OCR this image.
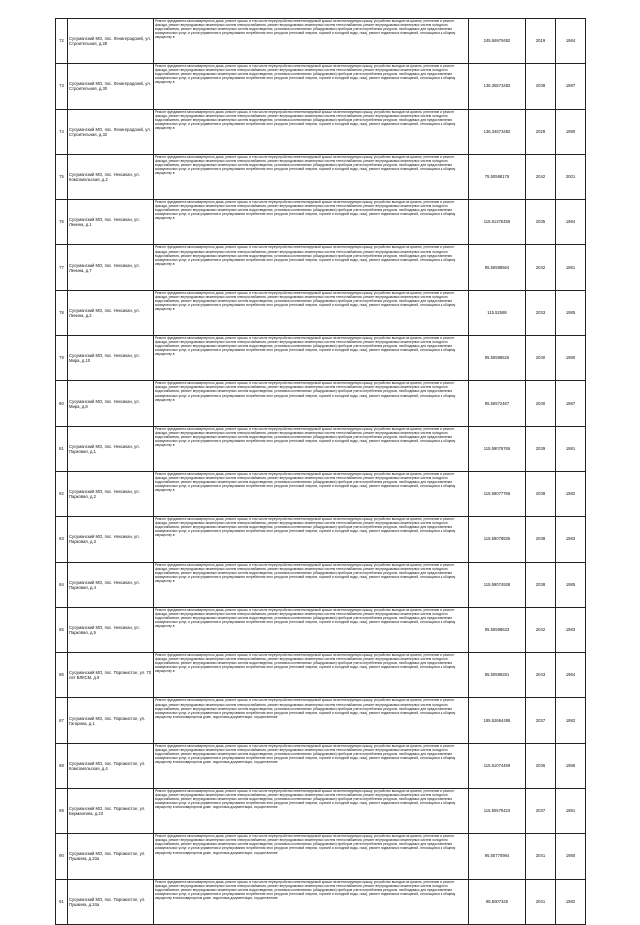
72	Сусуманский МО, пос. Ленинградский, ул. Строительная, д.28	Ремонт фундамента многоквартирного дома, ремонт крыши, в том числе переустройство невентилируемой крыши на вентилируемую крышу, устройство выходов на кровлю, утепление и ремонт фасада, ремонт внутридомовых инженерных систем электроснабжения, ремонт внутридомовых инженерных систем теплоснабжения, ремонт внутридомовых инженерных систем холодного водоснабжения, ремонт внутридомовых инженерных систем водоотведения, установка коллективных (общедомовых) приборов учета потребления ресурсов, необходимых для предоставления коммунальных услуг, и узлов управления и регулирования потребления этих ресурсов (тепловой энергии, горячей и холодной воды, газа), ремонт подвальных помещений, относящихся к общему имуществу в	245.56979482	2019	1984
73	Сусуманский МО, пос. Ленинградский, ул. Строительная, д.30	Ремонт фундамента многоквартирного дома, ремонт крыши, в том числе переустройство невентилируемой крыши на вентилируемую крышу, устройство выходов на кровлю, утепление и ремонт фасада, ремонт внутридомовых инженерных систем электроснабжения, ремонт внутридомовых инженерных систем теплоснабжения, ремонт внутридомовых инженерных систем холодного водоснабжения, ремонт внутридомовых инженерных систем водоотведения, установка коллективных (общедомовых) приборов учета потребления ресурсов, необходимых для предоставления коммунальных услуг, и узлов управления и регулирования потребления этих ресурсов (тепловой энергии, горячей и холодной воды, газа), ремонт подвальных помещений, относящихся к общему имуществу в	136.35573482	2038	1987
74	Сусуманский МО, пос. Ленинградский, ул. Строительная, д.32	Ремонт фундамента многоквартирного дома, ремонт крыши, в том числе переустройство невентилируемой крыши на вентилируемую крышу, устройство выходов на кровлю, утепление и ремонт фасада, ремонт внутридомовых инженерных систем электроснабжения, ремонт внутридомовых инженерных систем теплоснабжения, ремонт внутридомовых инженерных систем холодного водоснабжения, ремонт внутридомовых инженерных систем водоотведения, установка коллективных (общедомовых) приборов учета потребления ресурсов, необходимых для предоставления коммунальных услуг, и узлов управления и регулирования потребления этих ресурсов (тепловой энергии, горячей и холодной воды, газа), ремонт подвальных помещений, относящихся к общему имуществу в	136.34673482	2029	1990
75	Сусуманский МО, пос. Нексикан, ул. Комсомольская, д.2	Ремонт фундамента многоквартирного дома, ремонт крыши, в том числе переустройство невентилируемой крыши на вентилируемую крышу, устройство выходов на кровлю, утепление и ремонт фасада, ремонт внутридомовых инженерных систем электроснабжения, ремонт внутридомовых инженерных систем теплоснабжения, ремонт внутридомовых инженерных систем холодного водоснабжения, ремонт внутридомовых инженерных систем водоотведения, установка коллективных (общедомовых) приборов учета потребления ресурсов, необходимых для предоставления коммунальных услуг, и узлов управления и регулирования потребления этих ресурсов (тепловой энергии, горячей и холодной воды, газа), ремонт подвальных помещений, относящихся к общему имуществу в	75.50598178	2042	2001
76	Сусуманский МО, пос. Нексикан, ул. Ленина, д.1	Ремонт фундамента многоквартирного дома, ремонт крыши, в том числе переустройство невентилируемой крыши на вентилируемую крышу, устройство выходов на кровлю, утепление и ремонт фасада, ремонт внутридомовых инженерных систем электроснабжения, ремонт внутридомовых инженерных систем теплоснабжения, ремонт внутридомовых инженерных систем холодного водоснабжения, ремонт внутридомовых инженерных систем водоотведения, установка коллективных (общедомовых) приборов учета потребления ресурсов, необходимых для предоставления коммунальных услуг, и узлов управления и регулирования потребления этих ресурсов (тепловой энергии, горячей и холодной воды, газа), ремонт подвальных помещений, относящихся к общему имуществу в	115.61375455	2035	1984
77	Сусуманский МО, пос. Нексикан, ул. Ленина, д.7	Ремонт фундамента многоквартирного дома, ремонт крыши, в том числе переустройство невентилируемой крыши на вентилируемую крышу, устройство выходов на кровлю, утепление и ремонт фасада, ремонт внутридомовых инженерных систем электроснабжения, ремонт внутридомовых инженерных систем теплоснабжения, ремонт внутридомовых инженерных систем холодного водоснабжения, ремонт внутридомовых инженерных систем водоотведения, установка коллективных (общедомовых) приборов учета потребления ресурсов, необходимых для предоставления коммунальных услуг, и узлов управления и регулирования потребления этих ресурсов (тепловой энергии, горячей и холодной воды, газа), ремонт подвальных помещений, относящихся к общему имуществу в	95.50598564	2042	1981
78	Сусуманский МО, пос. Нексикан, ул. Ленина, д.2	Ремонт фундамента многоквартирного дома, ремонт крыши, в том числе переустройство невентилируемой крыши на вентилируемую крышу, устройство выходов на кровлю, утепление и ремонт фасада, ремонт внутридомовых инженерных систем электроснабжения, ремонт внутридомовых инженерных систем теплоснабжения, ремонт внутридомовых инженерных систем холодного водоснабжения, ремонт внутридомовых инженерных систем водоотведения, установка коллективных (общедомовых) приборов учета потребления ресурсов, необходимых для предоставления коммунальных услуг, и узлов управления и регулирования потребления этих ресурсов (тепловой энергии, горячей и холодной воды, газа), ремонт подвальных помещений, относящихся к общему имуществу в	115.52588	2033	1985
79	Сусуманский МО, пос. Нексикан, ул. Мира, д.10	Ремонт фундамента многоквартирного дома, ремонт крыши, в том числе переустройство невентилируемой крыши на вентилируемую крышу, устройство выходов на кровлю, утепление и ремонт фасада, ремонт внутридомовых инженерных систем электроснабжения, ремонт внутридомовых инженерных систем теплоснабжения, ремонт внутридомовых инженерных систем холодного водоснабжения, ремонт внутридомовых инженерных систем водоотведения, установка коллективных (общедомовых) приборов учета потребления ресурсов, необходимых для предоставления коммунальных услуг, и узлов управления и регулирования потребления этих ресурсов (тепловой энергии, горячей и холодной воды, газа), ремонт подвальных помещений, относящихся к общему имуществу в	95.50598525	2040	1980
80	Сусуманский МО, пос. Нексикан, ул. Мира, д.8	Ремонт фундамента многоквартирного дома, ремонт крыши, в том числе переустройство невентилируемой крыши на вентилируемую крышу, устройство выходов на кровлю, утепление и ремонт фасада, ремонт внутридомовых инженерных систем электроснабжения, ремонт внутридомовых инженерных систем теплоснабжения, ремонт внутридомовых инженерных систем холодного водоснабжения, ремонт внутридомовых инженерных систем водоотведения, установка коллективных (общедомовых) приборов учета потребления ресурсов, необходимых для предоставления коммунальных услуг, и узлов управления и регулирования потребления этих ресурсов (тепловой энергии, горячей и холодной воды, газа), ремонт подвальных помещений, относящихся к общему имуществу в	95.50572467	2040	1987
81	Сусуманский МО, пос. Нексикан, ул. Парковая, д.1	Ремонт фундамента многоквартирного дома, ремонт крыши, в том числе переустройство невентилируемой крыши на вентилируемую крышу, устройство выходов на кровлю, утепление и ремонт фасада, ремонт внутридомовых инженерных систем электроснабжения, ремонт внутридомовых инженерных систем теплоснабжения, ремонт внутридомовых инженерных систем холодного водоснабжения, ремонт внутридомовых инженерных систем водоотведения, установка коллективных (общедомовых) приборов учета потребления ресурсов, необходимых для предоставления коммунальных услуг, и узлов управления и регулирования потребления этих ресурсов (тепловой энергии, горячей и холодной воды, газа), ремонт подвальных помещений, относящихся к общему имуществу в	115.59078765	2039	1981
82	Сусуманский МО, пос. Нексикан, ул. Парковая, д.2	Ремонт фундамента многоквартирного дома, ремонт крыши, в том числе переустройство невентилируемой крыши на вентилируемую крышу, устройство выходов на кровлю, утепление и ремонт фасада, ремонт внутридомовых инженерных систем электроснабжения, ремонт внутридомовых инженерных систем теплоснабжения, ремонт внутридомовых инженерных систем холодного водоснабжения, ремонт внутридомовых инженерных систем водоотведения, установка коллективных (общедомовых) приборов учета потребления ресурсов, необходимых для предоставления коммунальных услуг, и узлов управления и регулирования потребления этих ресурсов (тепловой энергии, горячей и холодной воды, газа), ремонт подвальных помещений, относящихся к общему имуществу в	115.59077766	2038	1982
83	Сусуманский МО, пос. Нексикан, ул. Парковая, д.3	Ремонт фундамента многоквартирного дома, ремонт крыши, в том числе переустройство невентилируемой крыши на вентилируемую крышу, устройство выходов на кровлю, утепление и ремонт фасада, ремонт внутридомовых инженерных систем электроснабжения, ремонт внутридомовых инженерных систем теплоснабжения, ремонт внутридомовых инженерных систем холодного водоснабжения, ремонт внутридомовых инженерных систем водоотведения, установка коллективных (общедомовых) приборов учета потребления ресурсов, необходимых для предоставления коммунальных услуг, и узлов управления и регулирования потребления этих ресурсов (тепловой энергии, горячей и холодной воды, газа), ремонт подвальных помещений, относящихся к общему имуществу в	115.59078835	2038	1983
84	Сусуманский МО, пос. Нексикан, ул. Парковая, д.4	Ремонт фундамента многоквартирного дома, ремонт крыши, в том числе переустройство невентилируемой крыши на вентилируемую крышу, устройство выходов на кровлю, утепление и ремонт фасада, ремонт внутридомовых инженерных систем электроснабжения, ремонт внутридомовых инженерных систем теплоснабжения, ремонт внутридомовых инженерных систем холодного водоснабжения, ремонт внутридомовых инженерных систем водоотведения, установка коллективных (общедомовых) приборов учета потребления ресурсов, необходимых для предоставления коммунальных услуг, и узлов управления и регулирования потребления этих ресурсов (тепловой энергии, горячей и холодной воды, газа), ремонт подвальных помещений, относящихся к общему имуществу в	115.59074938	2038	1985
85	Сусуманский МО, пос. Нексикан, ул. Парковая, д.5	Ремонт фундамента многоквартирного дома, ремонт крыши, в том числе переустройство невентилируемой крыши на вентилируемую крышу, устройство выходов на кровлю, утепление и ремонт фасада, ремонт внутридомовых инженерных систем электроснабжения, ремонт внутридомовых инженерных систем теплоснабжения, ремонт внутридомовых инженерных систем холодного водоснабжения, ремонт внутридомовых инженерных систем водоотведения, установка коллективных (общедомовых) приборов учета потребления ресурсов, необходимых для предоставления коммунальных услуг, и узлов управления и регулирования потребления этих ресурсов (тепловой энергии, горячей и холодной воды, газа), ремонт подвальных помещений, относящихся к общему имуществу в	95.50598633	2042	1983
86	Сусуманский МО, пос. Порожистое, ул. 70 лет ВЛКСМ, д.9	Ремонт фундамента многоквартирного дома, ремонт крыши, в том числе переустройство невентилируемой крыши на вентилируемую крышу, устройство выходов на кровлю, утепление и ремонт фасада, ремонт внутридомовых инженерных систем электроснабжения, ремонт внутридомовых инженерных систем теплоснабжения, ремонт внутридомовых инженерных систем холодного водоснабжения, ремонт внутридомовых инженерных систем водоотведения, установка коллективных (общедомовых) приборов учета потребления ресурсов, необходимых для предоставления коммунальных услуг, и узлов управления и регулирования потребления этих ресурсов (тепловой энергии, горячей и холодной воды, газа), ремонт подвальных помещений, относящихся к общему имуществу в	95.50598281	2043	1984
87	Сусуманский МО, пос. Порожистое, ул. Гагарина, д.1	Ремонт фундамента многоквартирного дома, ремонт крыши, в том числе переустройство невентилируемой крыши на вентилируемую крышу, устройство выходов на кровлю, утепление и ремонт фасада, ремонт внутридомовых инженерных систем электроснабжения, ремонт внутридомовых инженерных систем теплоснабжения, ремонт внутридомовых инженерных систем холодного водоснабжения, ремонт внутридомовых инженерных систем водоотведения, установка коллективных (общедомовых) приборов учета потребления ресурсов, необходимых для предоставления коммунальных услуг, и узлов управления и регулирования потребления этих ресурсов (тепловой энергии, горячей и холодной воды, газа), ремонт подвальных помещений, относящихся к общему имуществу в многоквартирном доме, подготовка документации, осуществление	185.52684495	2037	1982
88	Сусуманский МО, пос. Порожистое, ул. Комсомольская, д.4	Ремонт фундамента многоквартирного дома, ремонт крыши, в том числе переустройство невентилируемой крыши на вентилируемую крышу, устройство выходов на кровлю, утепление и ремонт фасада, ремонт внутридомовых инженерных систем электроснабжения, ремонт внутридомовых инженерных систем теплоснабжения, ремонт внутридомовых инженерных систем холодного водоснабжения, ремонт внутридомовых инженерных систем водоотведения, установка коллективных (общедомовых) приборов учета потребления ресурсов, необходимых для предоставления коммунальных услуг, и узлов управления и регулирования потребления этих ресурсов (тепловой энергии, горячей и холодной воды, газа), ремонт подвальных помещений, относящихся к общему имуществу в многоквартирном доме, подготовка документации, осуществление	115.51074469	2036	1986
89	Сусуманский МО, пос. Порожистое, ул. Бермангина, д.23	Ремонт фундамента многоквартирного дома, ремонт крыши, в том числе переустройство невентилируемой крыши на вентилируемую крышу, устройство выходов на кровлю, утепление и ремонт фасада, ремонт внутридомовых инженерных систем электроснабжения, ремонт внутридомовых инженерных систем теплоснабжения, ремонт внутридомовых инженерных систем холодного водоснабжения, ремонт внутридомовых инженерных систем водоотведения, установка коллективных (общедомовых) приборов учета потребления ресурсов, необходимых для предоставления коммунальных услуг, и узлов управления и регулирования потребления этих ресурсов (тепловой энергии, горячей и холодной воды, газа), ремонт подвальных помещений, относящихся к общему имуществу в многоквартирном доме, подготовка документации, осуществление	115.50579423	2037	1981
90	Сусуманский МО, пос. Порожистое, ул. Пушкина, д.23а	Ремонт фундамента многоквартирного дома, ремонт крыши, в том числе переустройство невентилируемой крыши на вентилируемую крышу, устройство выходов на кровлю, утепление и ремонт фасада, ремонт внутридомовых инженерных систем электроснабжения, ремонт внутридомовых инженерных систем теплоснабжения, ремонт внутридомовых инженерных систем холодного водоснабжения, ремонт внутридомовых инженерных систем водоотведения, установка коллективных (общедомовых) приборов учета потребления ресурсов, необходимых для предоставления коммунальных услуг, и узлов управления и регулирования потребления этих ресурсов (тепловой энергии, горячей и холодной воды, газа), ремонт подвальных помещений, относящихся к общему имуществу в многоквартирном доме, подготовка документации, осуществление	95.50770984	2041	1980
91	Сусуманский МО, пос. Порожистое, ул. Пушкина, д.24а	Ремонт фундамента многоквартирного дома, ремонт крыши, в том числе переустройство невентилируемой крыши на вентилируемую крышу, устройство выходов на кровлю, утепление и ремонт фасада, ремонт внутридомовых инженерных систем электроснабжения, ремонт внутридомовых инженерных систем теплоснабжения, ремонт внутридомовых инженерных систем холодного водоснабжения, ремонт внутридомовых инженерных систем водоотведения, установка коллективных (общедомовых) приборов учета потребления ресурсов, необходимых для предоставления коммунальных услуг, и узлов управления и регулирования потребления этих ресурсов (тепловой энергии, горячей и холодной воды, газа), ремонт подвальных помещений, относящихся к общему имуществу в многоквартирном доме, подготовка документации, осуществление	95.5007345	2041	1982
